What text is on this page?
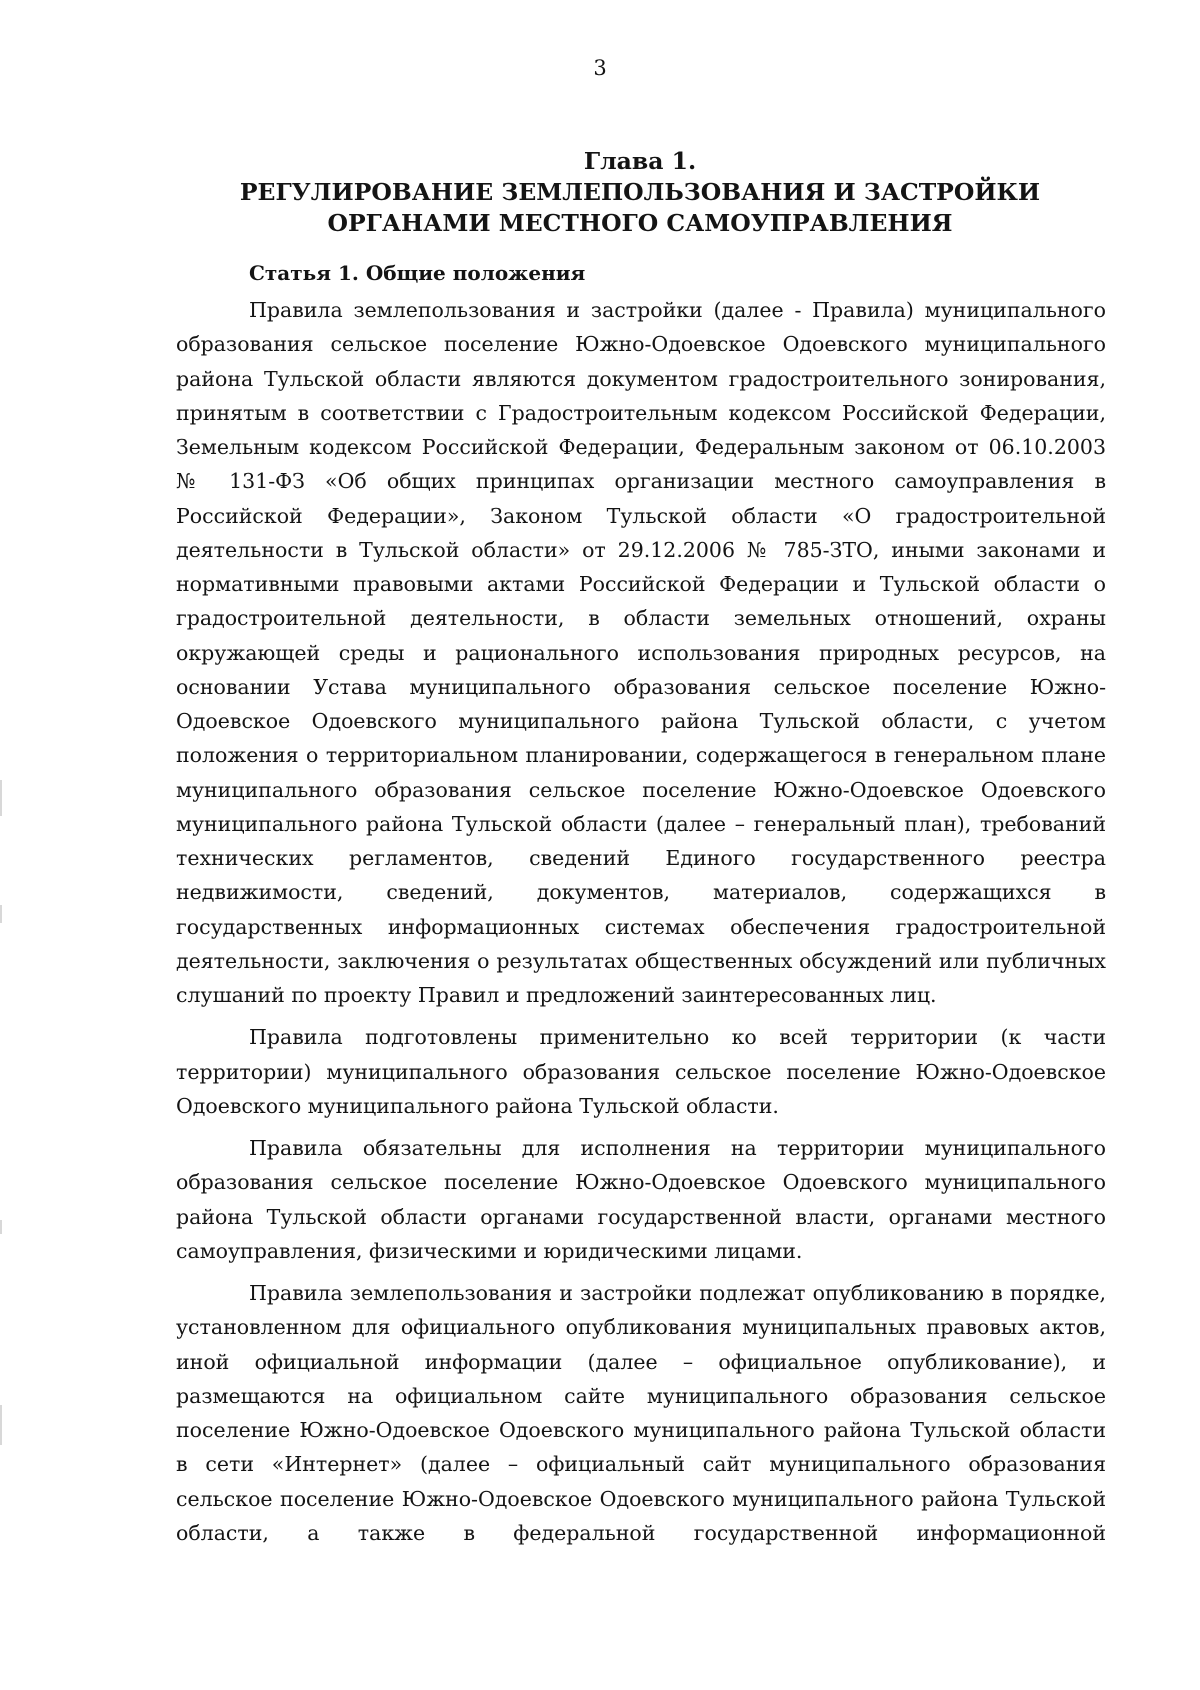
3
Глава 1.
РЕГУЛИРОВАНИЕ ЗЕМЛЕПОЛЬЗОВАНИЯ И ЗАСТРОЙКИ
ОРГАНАМИ МЕСТНОГО САМОУПРАВЛЕНИЯ
Статья 1. Общие положения

Правила землепользования и застройки (далее - Правила) муниципального образования сельское поселение Южно-Одоевское Одоевского муниципального района Тульской области являются документом градостроительного зонирования, принятым в соответствии с Градостроительным кодексом Российской Федерации, Земельным кодексом Российской Федерации, Федеральным законом от 06.10.2003 № 131-ФЗ «Об общих принципах организации местного самоуправления в Российской Федерации», Законом Тульской области «О градостроительной деятельности в Тульской области» от 29.12.2006 № 785-ЗТО, иными законами и нормативными правовыми актами Российской Федерации и Тульской области о градостроительной деятельности, в области земельных отношений, охраны окружающей среды и рационального использования природных ресурсов, на основании Устава муниципального образования сельское поселение Южно-Одоевское Одоевского муниципального района Тульской области, с учетом положения о территориальном планировании, содержащегося в генеральном плане муниципального образования сельское поселение Южно-Одоевское Одоевского муниципального района Тульской области (далее – генеральный план), требований технических регламентов, сведений Единого государственного реестра недвижимости, сведений, документов, материалов, содержащихся в государственных информационных системах обеспечения градостроительной деятельности, заключения о результатах общественных обсуждений или публичных слушаний по проекту Правил и предложений заинтересованных лиц.

Правила подготовлены применительно ко всей территории (к части территории) муниципального образования сельское поселение Южно-Одоевское Одоевского муниципального района Тульской области.

Правила обязательны для исполнения на территории муниципального образования сельское поселение Южно-Одоевское Одоевского муниципального района Тульской области органами государственной власти, органами местного самоуправления, физическими и юридическими лицами.

Правила землепользования и застройки подлежат опубликованию в порядке, установленном для официального опубликования муниципальных правовых актов, иной официальной информации (далее – официальное опубликование), и размещаются на официальном сайте муниципального образования сельское поселение Южно-Одоевское Одоевского муниципального района Тульской области в сети «Интернет» (далее – официальный сайт муниципального образования сельское поселение Южно-Одоевское Одоевского муниципального района Тульской области, а также в федеральной государственной информационной
